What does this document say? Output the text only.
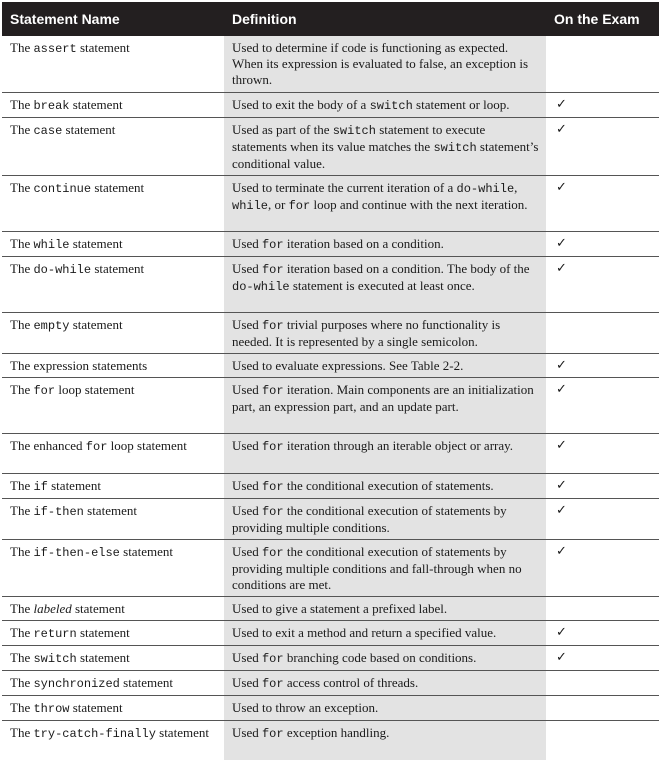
Statement Name	Definition	On the Exam
The assert statement	Used to determine if code is functioning as expected. When its expression is evaluated to false, an exception is thrown.	
The break statement	Used to exit the body of a switch statement or loop.	✓
The case statement	Used as part of the switch statement to execute statements when its value matches the switch statement’s conditional value.	✓
The continue statement	Used to terminate the current iteration of a do-while, while, or for loop and continue with the next iteration.	✓
The while statement	Used for iteration based on a condition.	✓
The do-while statement	Used for iteration based on a condition. The body of the do-while statement is executed at least once.	✓
The empty statement	Used for trivial purposes where no functionality is needed. It is represented by a single semicolon.	
The expression statements	Used to evaluate expressions. See Table 2-2.	✓
The for loop statement	Used for iteration. Main components are an initialization part, an expression part, and an update part.	✓
The enhanced for loop statement	Used for iteration through an iterable object or array.	✓
The if statement	Used for the conditional execution of statements.	✓
The if-then statement	Used for the conditional execution of statements by providing multiple conditions.	✓
The if-then-else statement	Used for the conditional execution of statements by providing multiple conditions and fall-through when no conditions are met.	✓
The labeled statement	Used to give a statement a prefixed label.	
The return statement	Used to exit a method and return a specified value.	✓
The switch statement	Used for branching code based on conditions.	✓
The synchronized statement	Used for access control of threads.	
The throw statement	Used to throw an exception.	
The try-catch-finally statement	Used for exception handling.	
